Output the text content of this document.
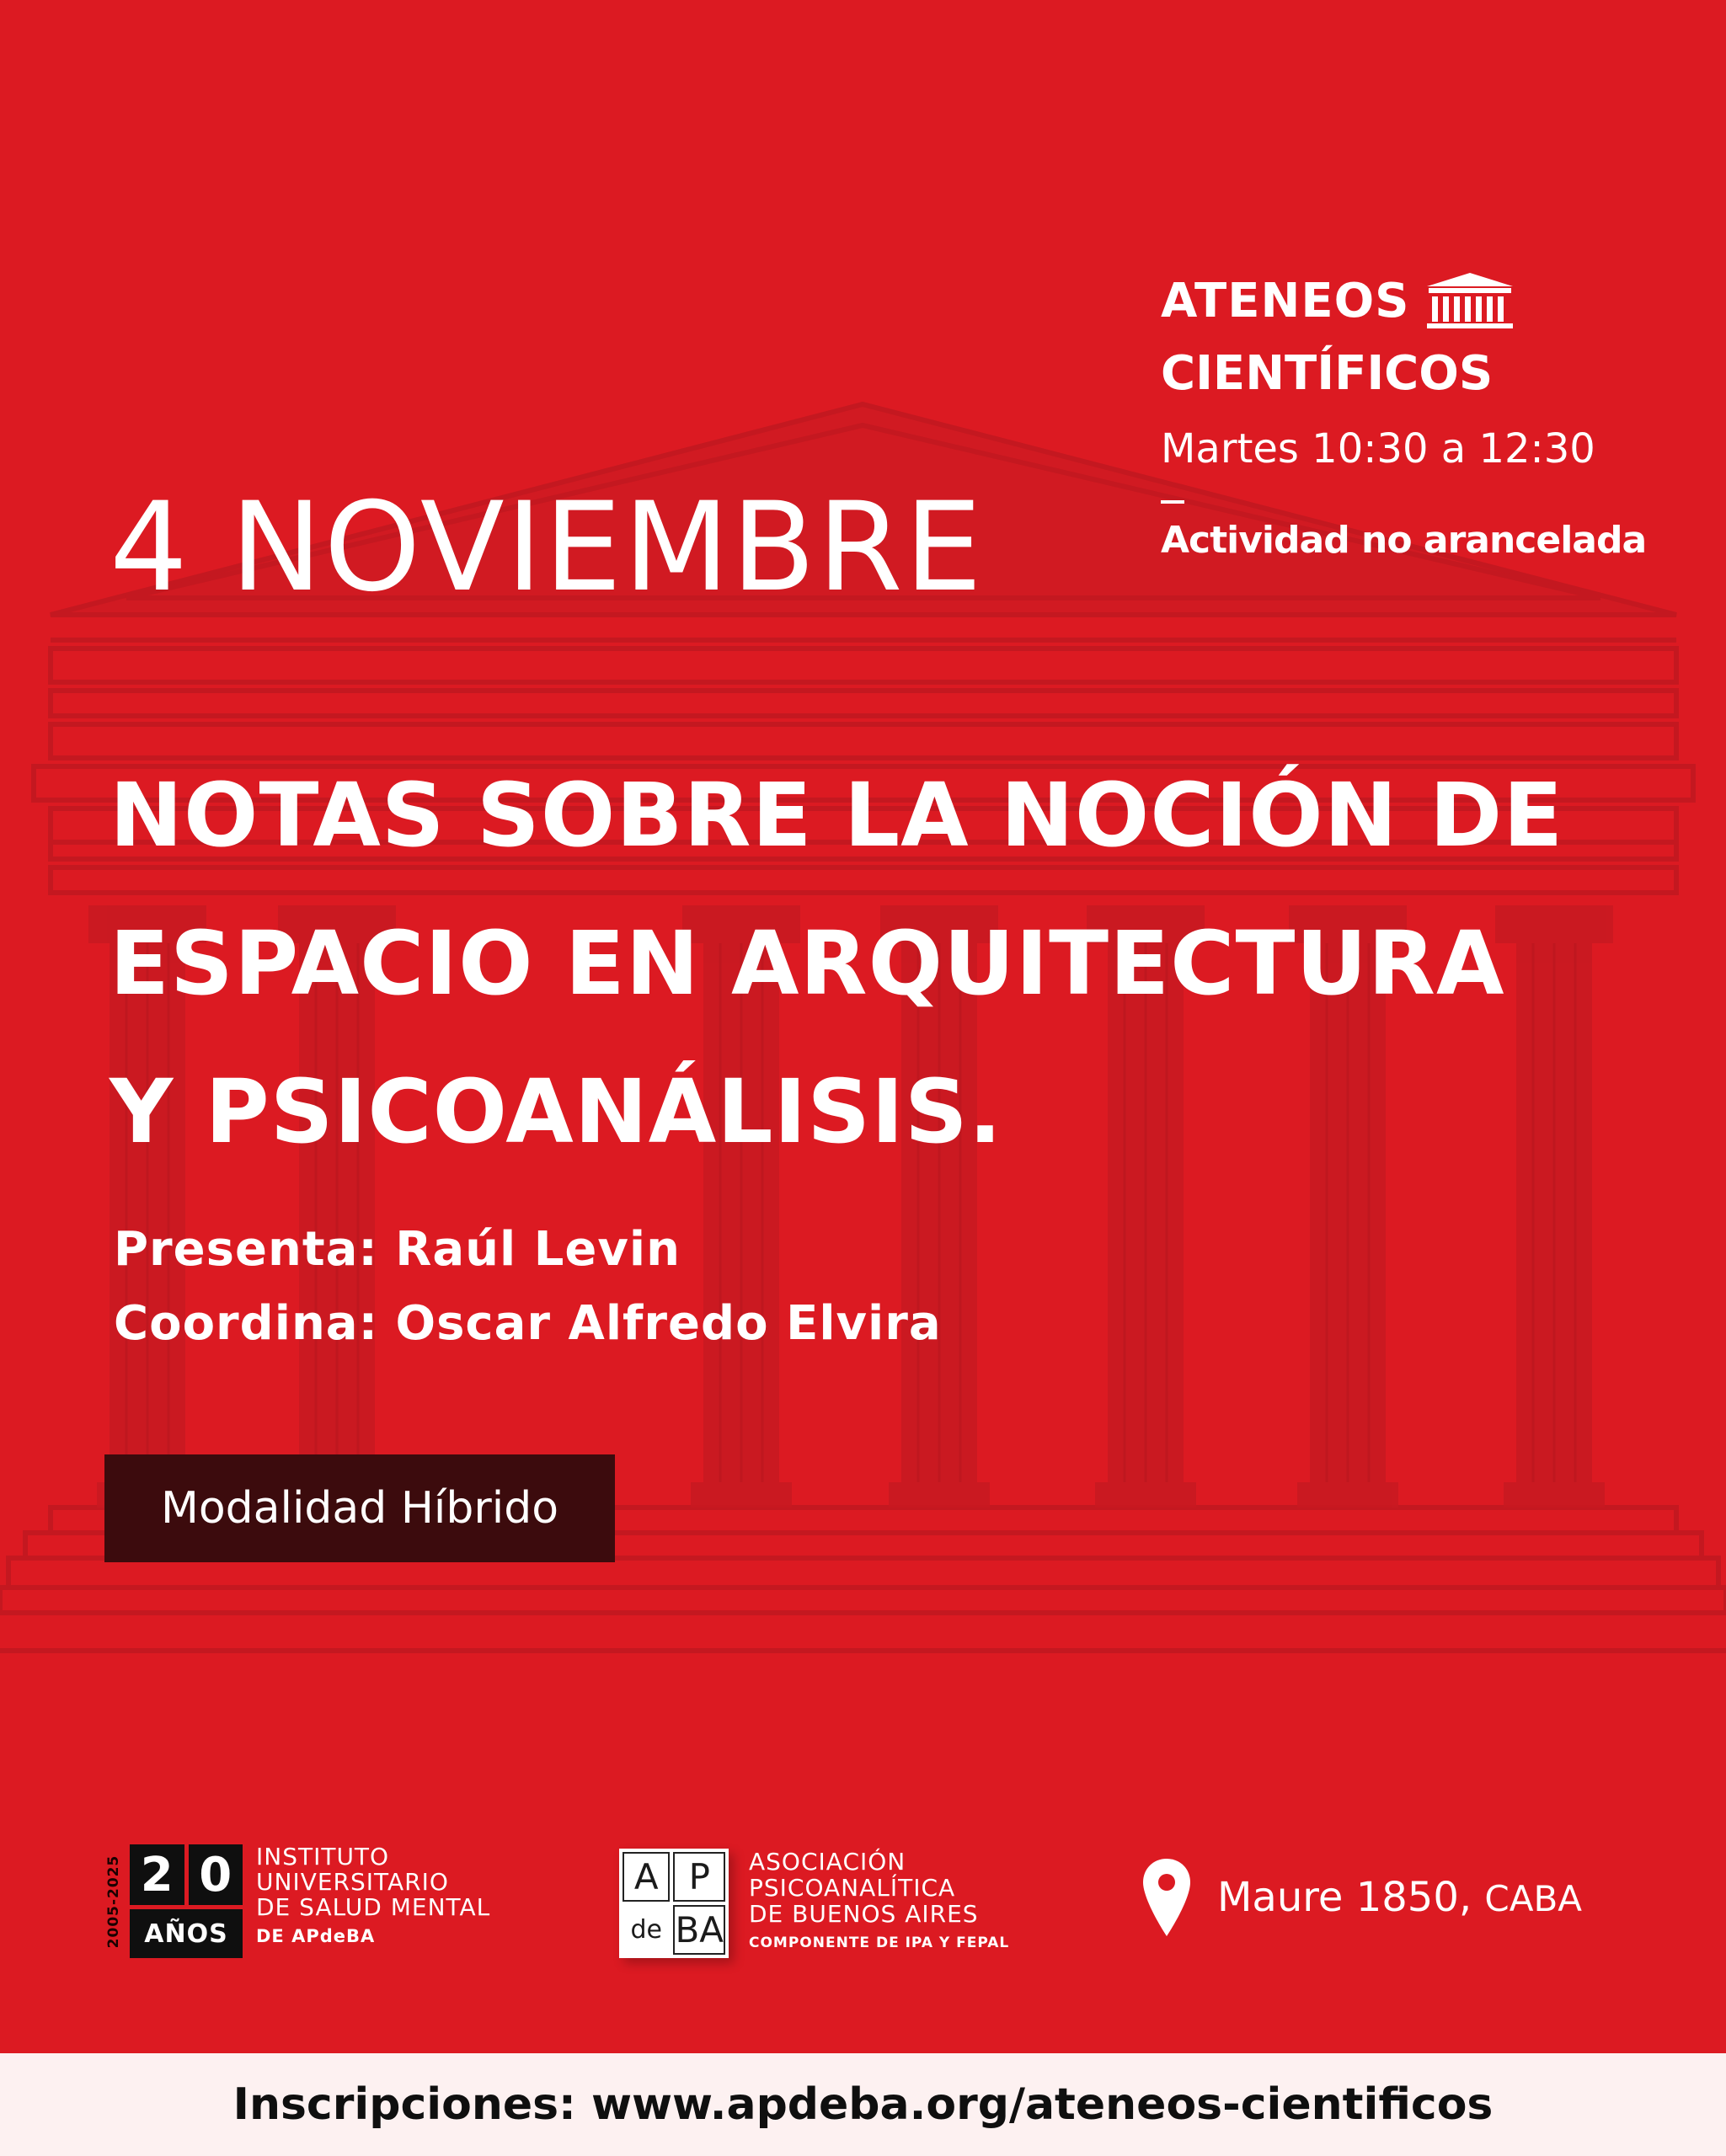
ATENEOS
CIENTÍFICOS
Martes 10:30 a 12:30
Actividad no arancelada
4 NOVIEMBRE
NOTAS SOBRE LA NOCIÓN DE
ESPACIO EN ARQUITECTURA
Y PSICOANÁLISIS.
Presenta: Raúl Levin
Coordina: Oscar Alfredo Elvira
Modalidad Híbrido
2005-2025 2 0
AÑOS
INSTITUTO
UNIVERSITARIO
DE SALUD MENTAL
DE APdeBA
A P
de BA
ASOCIACIÓN
PSICOANALÍTICA
DE BUENOS AIRES
COMPONENTE DE IPA Y FEPAL
Maure 1850, CABA
Inscripciones: www.apdeba.org/ateneos-cientificos
